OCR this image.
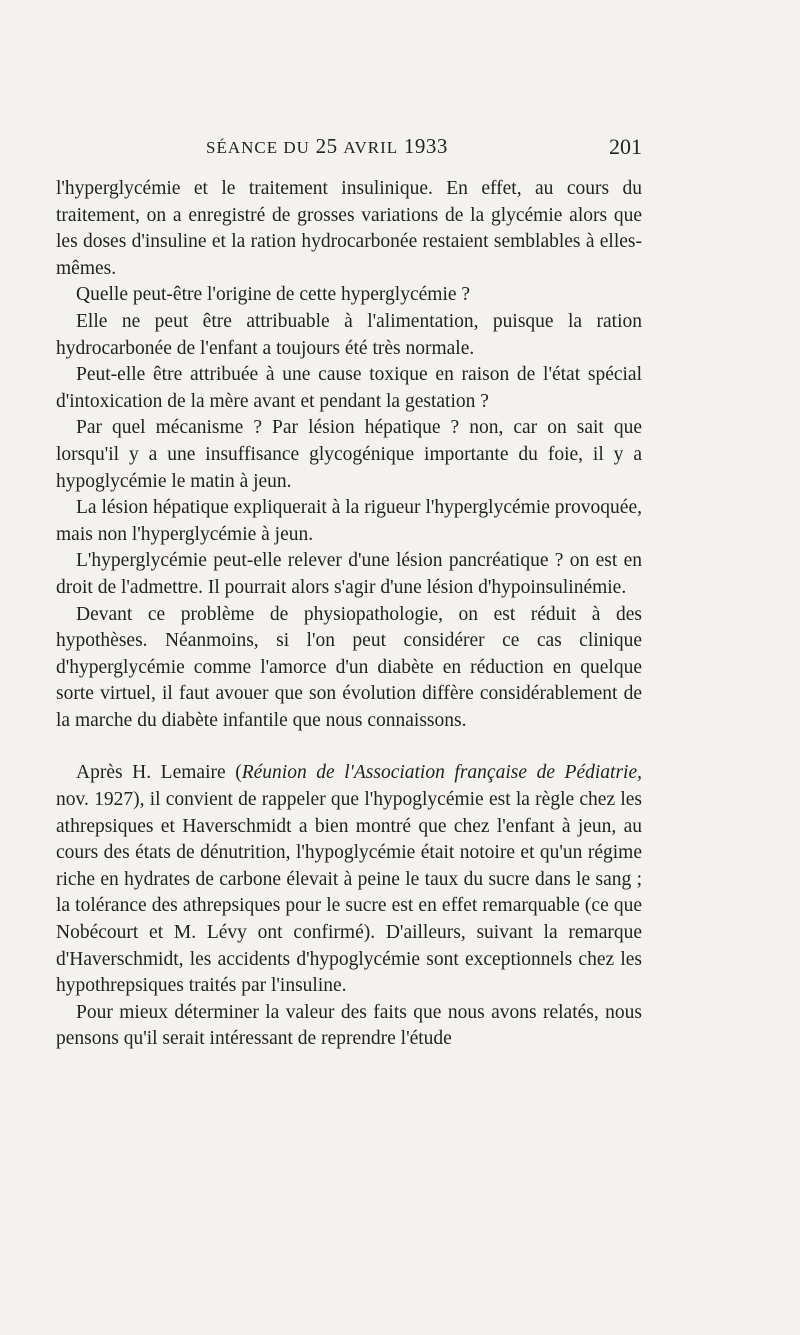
SÉANCE DU 25 AVRIL 1933	201

l'hyperglycémie et le traitement insulinique. En effet, au cours du traitement, on a enregistré de grosses variations de la glycémie alors que les doses d'insuline et la ration hydrocarbonée restaient semblables à elles-mêmes.

Quelle peut-être l'origine de cette hyperglycémie ?

Elle ne peut être attribuable à l'alimentation, puisque la ration hydrocarbonée de l'enfant a toujours été très normale.

Peut-elle être attribuée à une cause toxique en raison de l'état spécial d'intoxication de la mère avant et pendant la gestation ?

Par quel mécanisme ? Par lésion hépatique ? non, car on sait que lorsqu'il y a une insuffisance glycogénique importante du foie, il y a hypoglycémie le matin à jeun.

La lésion hépatique expliquerait à la rigueur l'hyperglycémie provoquée, mais non l'hyperglycémie à jeun.

L'hyperglycémie peut-elle relever d'une lésion pancréatique ? on est en droit de l'admettre. Il pourrait alors s'agir d'une lésion d'hypoinsulinémie.

Devant ce problème de physiopathologie, on est réduit à des hypothèses. Néanmoins, si l'on peut considérer ce cas clinique d'hyperglycémie comme l'amorce d'un diabète en réduction en quelque sorte virtuel, il faut avouer que son évolution diffère considérablement de la marche du diabète infantile que nous connaissons.

Après H. Lemaire (Réunion de l'Association française de Pédiatrie, nov. 1927), il convient de rappeler que l'hypoglycémie est la règle chez les athrepsiques et Haverschmidt a bien montré que chez l'enfant à jeun, au cours des états de dénutrition, l'hypoglycémie était notoire et qu'un régime riche en hydrates de carbone élevait à peine le taux du sucre dans le sang ; la tolérance des athrepsiques pour le sucre est en effet remarquable (ce que Nobécourt et M. Lévy ont confirmé). D'ailleurs, suivant la remarque d'Haverschmidt, les accidents d'hypoglycémie sont exceptionnels chez les hypothrepsiques traités par l'insuline.

Pour mieux déterminer la valeur des faits que nous avons relatés, nous pensons qu'il serait intéressant de reprendre l'étude
